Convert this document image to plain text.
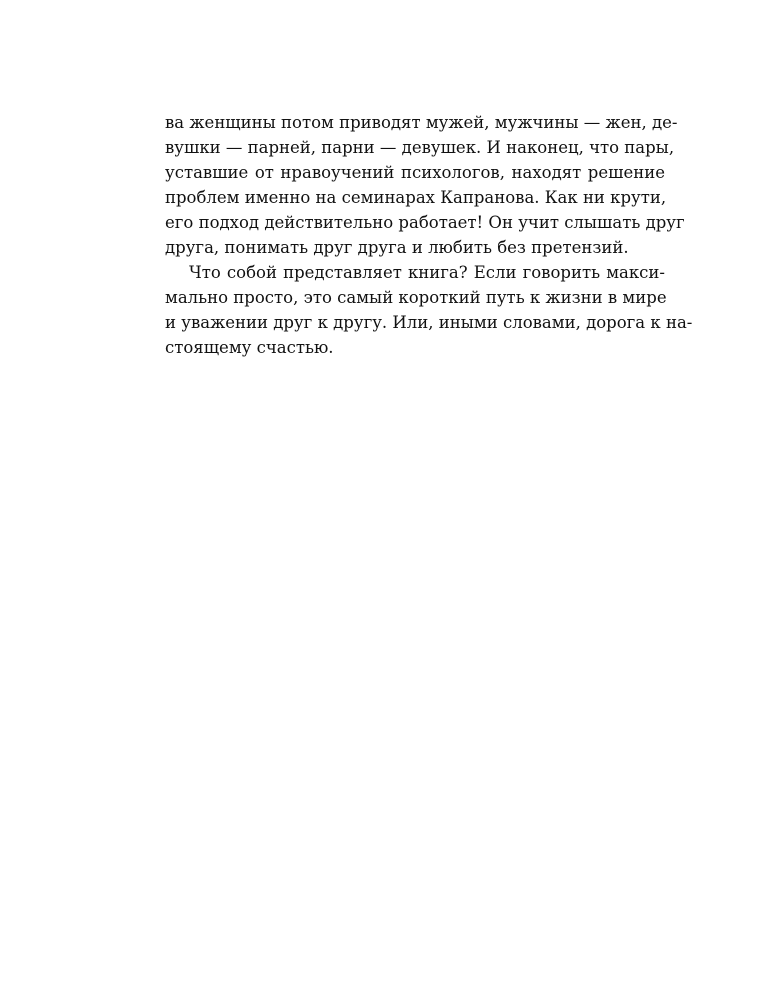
ва женщины потом приводят мужей, мужчины — жен, де-
вушки — парней, парни — девушек. И наконец, что пары,
уставшие от нравоучений психологов, находят решение
проблем именно на семинарах Капранова. Как ни крути,
его подход действительно работает! Он учит слышать друг
друга, понимать друг друга и любить без претензий.
Что собой представляет книга? Если говорить макси-
мально просто, это самый короткий путь к жизни в мире
и уважении друг к другу. Или, иными словами, дорога к на-
стоящему счастью.
